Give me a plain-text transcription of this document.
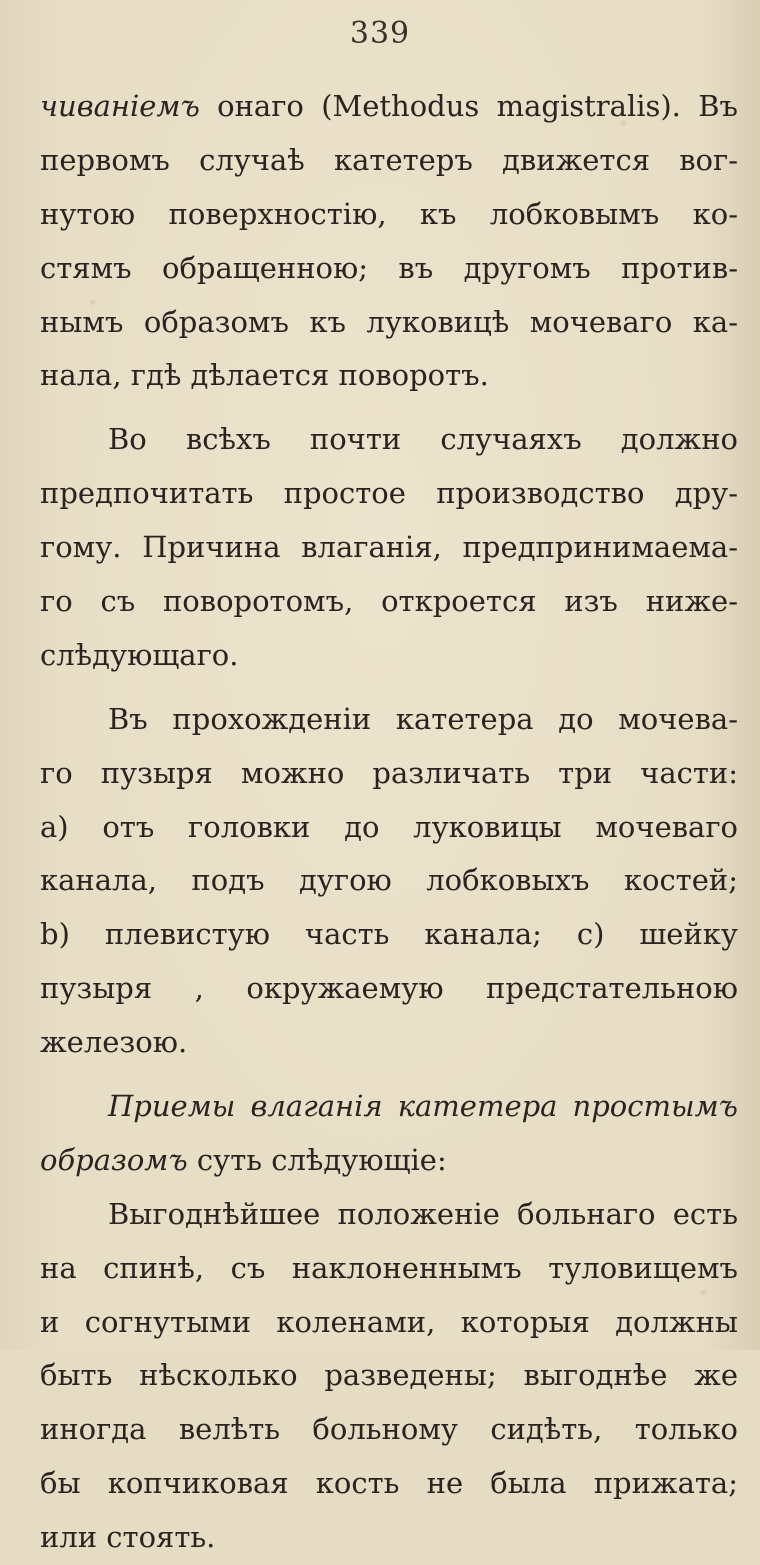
339
чиваніемъ онаго (Methodus magistralis). Въ
первомъ случаѣ катетеръ движется вог-
нутою поверхностію, къ лобковымъ ко-
стямъ обращенною; въ другомъ против-
нымъ образомъ къ луковицѣ мочеваго ка-
нала, гдѣ дѣлается поворотъ.
Во всѣхъ почти случаяхъ должно
предпочитать простое производство дру-
гому. Причина влаганія, предпринимаема-
го съ поворотомъ, откроется изъ ниже-
слѣдующаго.
Въ прохожденіи катетера до мочева-
го пузыря можно различать три части:
a) отъ головки до луковицы мочеваго
канала, подъ дугою лобковыхъ костей;
b) плевистую часть канала; c) шейку
пузыря , окружаемую предстательною
железою.
Приемы влаганія катетера простымъ
образомъ суть слѣдующіе:
Выгоднѣйшее положеніе больнаго есть
на спинѣ, съ наклоненнымъ туловищемъ
и согнутыми коленами, которыя должны
быть нѣсколько разведены; выгоднѣе же
иногда велѣть больному сидѣть, только
бы копчиковая кость не была прижата;
или стоять.
